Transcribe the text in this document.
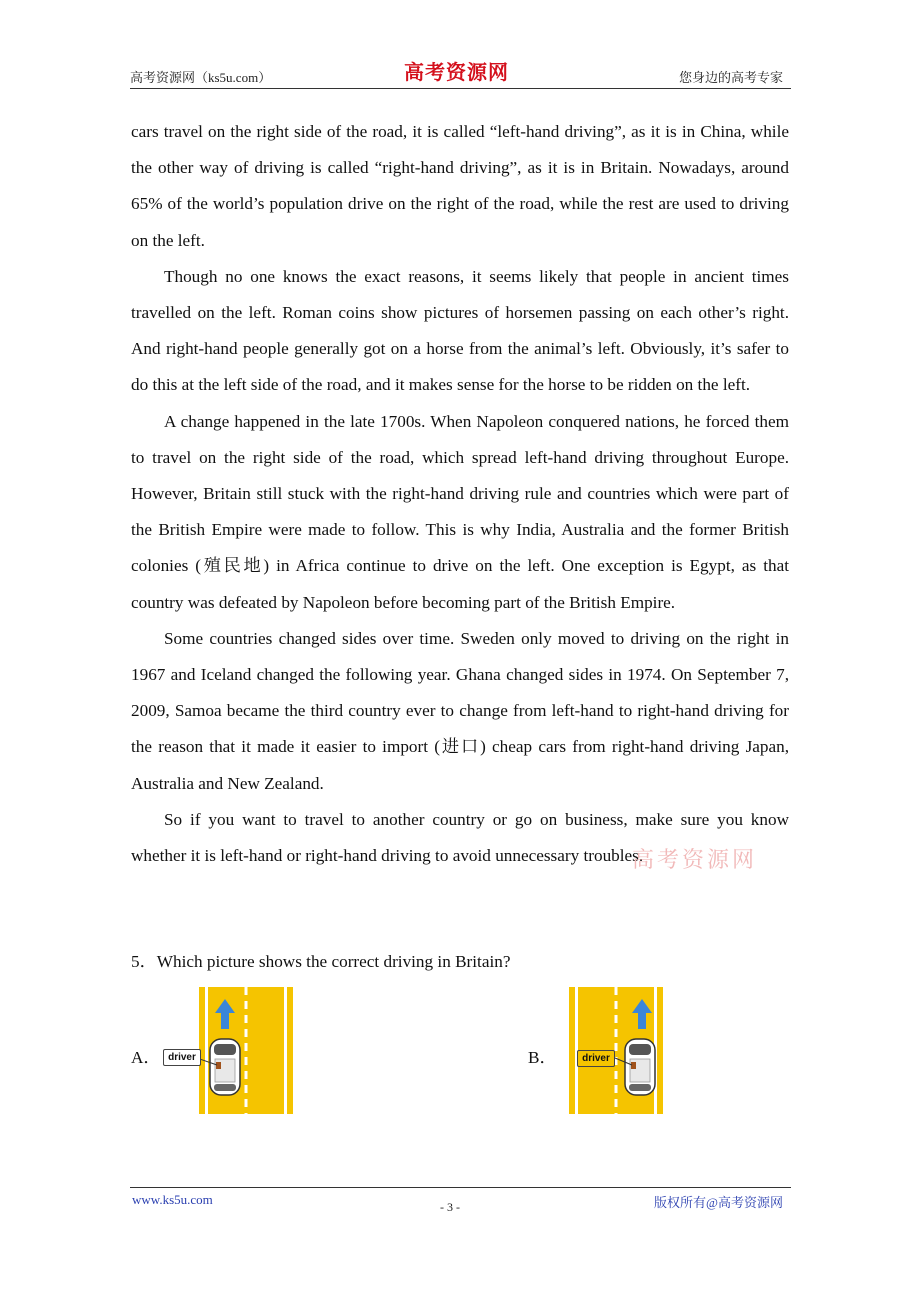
高考资源网（ks5u.com）	高考资源网	您身边的高考专家

cars travel on the right side of the road, it is called “left-hand driving”, as it is in China, while the other way of driving is called “right-hand driving”, as it is in Britain. Nowadays, around 65% of the world’s population drive on the right of the road, while the rest are used to driving on the left.

Though no one knows the exact reasons, it seems likely that people in ancient times travelled on the left. Roman coins show pictures of horsemen passing on each other’s right. And right-hand people generally got on a horse from the animal’s left. Obviously, it’s safer to do this at the left side of the road, and it makes sense for the horse to be ridden on the left.

A change happened in the late 1700s. When Napoleon conquered nations, he forced them to travel on the right side of the road, which spread left-hand driving throughout Europe. However, Britain still stuck with the right-hand driving rule and countries which were part of the British Empire were made to follow. This is why India, Australia and the former British colonies (殖民地) in Africa continue to drive on the left. One exception is Egypt, as that country was defeated by Napoleon before becoming part of the British Empire.

Some countries changed sides over time. Sweden only moved to driving on the right in 1967 and Iceland changed the following year. Ghana changed sides in 1974. On September 7, 2009, Samoa became the third country ever to change from left-hand to right-hand driving for the reason that it made it easier to import (进口) cheap cars from right-hand driving Japan, Australia and New Zealand.

So if you want to travel to another country or go on business, make sure you know whether it is left-hand or right-hand driving to avoid unnecessary troubles.

高考资源网
5．Which picture shows the correct driving in Britain?
A． driver	B．	driver
www.ks5u.com	- 3 -	版权所有@高考资源网
